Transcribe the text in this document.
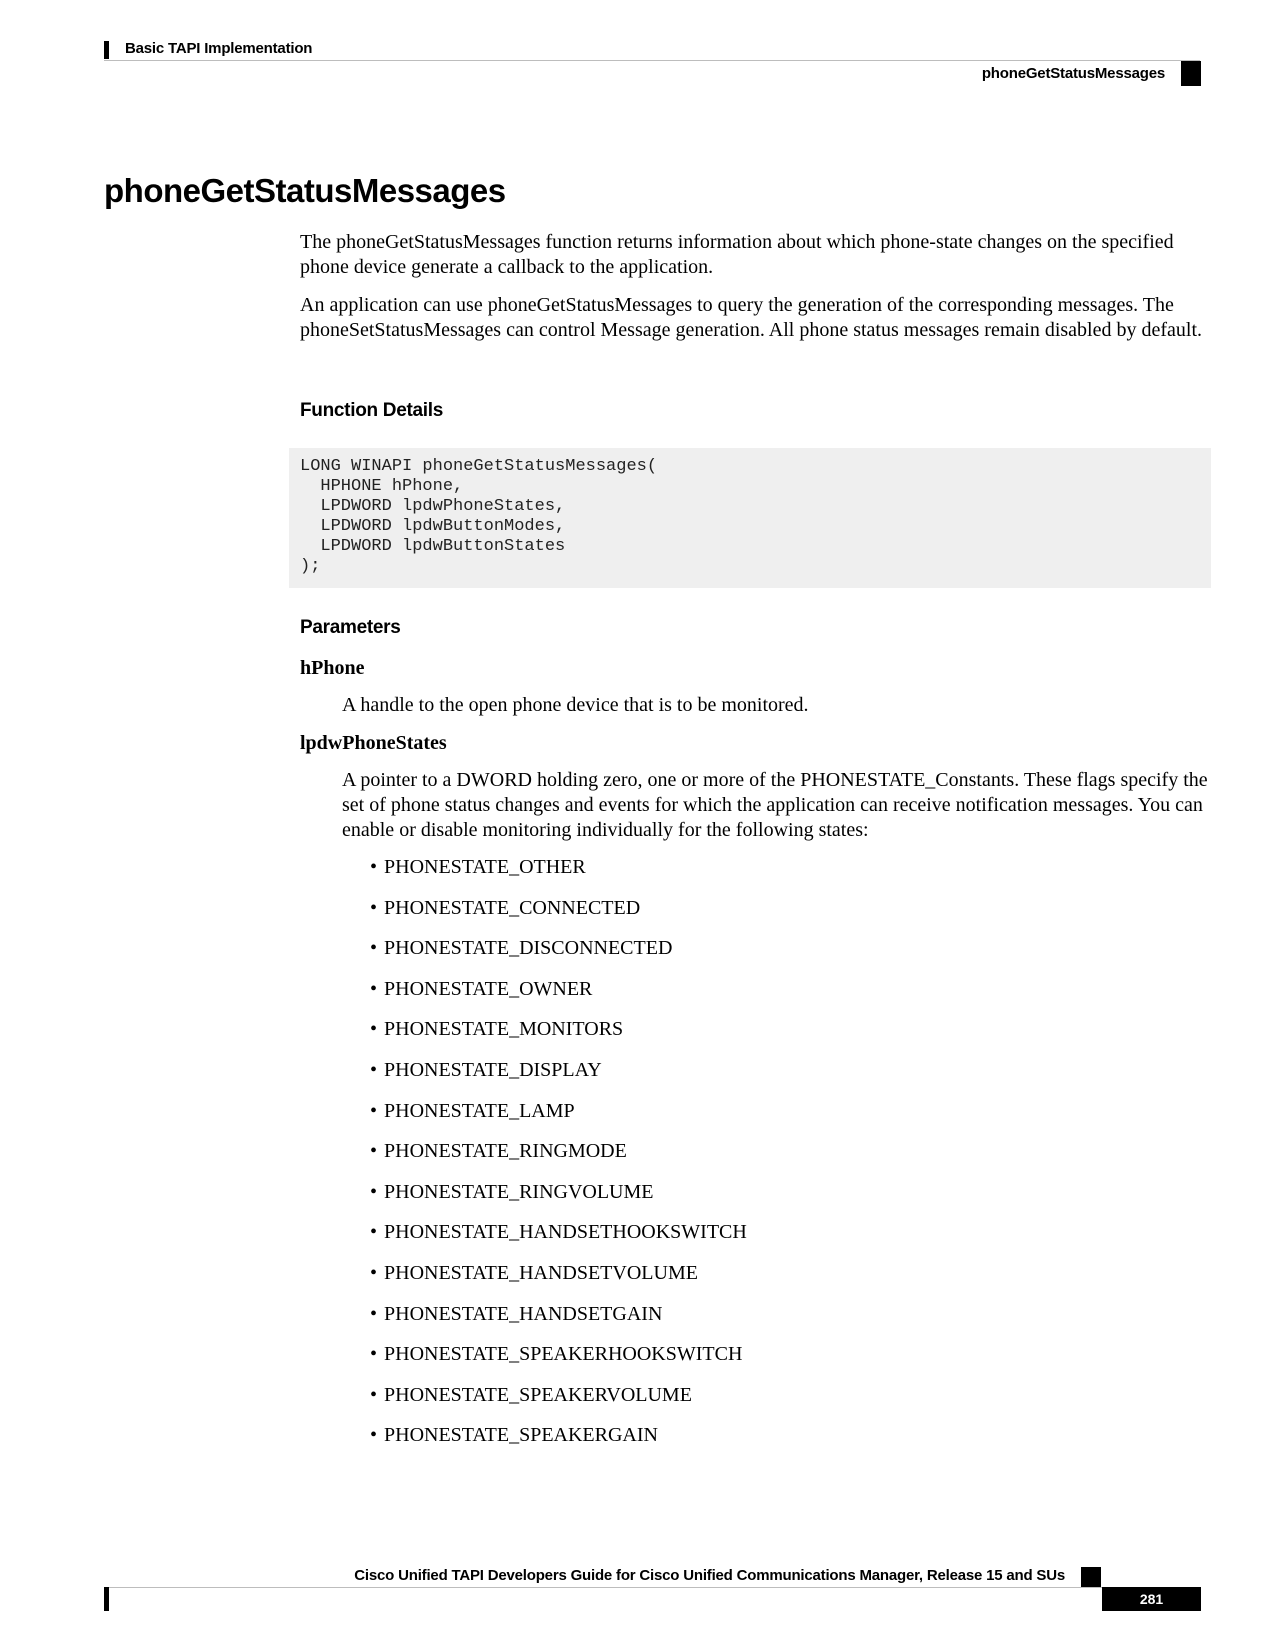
Basic TAPI Implementation
phoneGetStatusMessages
phoneGetStatusMessages

The phoneGetStatusMessages function returns information about which phone-state changes on the specified phone device generate a callback to the application.

An application can use phoneGetStatusMessages to query the generation of the corresponding messages. The phoneSetStatusMessages can control Message generation. All phone status messages remain disabled by default.

Function Details
LONG WINAPI phoneGetStatusMessages(
HPHONE hPhone,
LPDWORD lpdwPhoneStates,
LPDWORD lpdwButtonModes,
LPDWORD lpdwButtonStates
);
Parameters
hPhone

A handle to the open phone device that is to be monitored.

lpdwPhoneStates

A pointer to a DWORD holding zero, one or more of the PHONESTATE_Constants. These flags specify the set of phone status changes and events for which the application can receive notification messages. You can enable or disable monitoring individually for the following states:

• PHONESTATE_OTHER
• PHONESTATE_CONNECTED
• PHONESTATE_DISCONNECTED
• PHONESTATE_OWNER
• PHONESTATE_MONITORS
• PHONESTATE_DISPLAY
• PHONESTATE_LAMP
• PHONESTATE_RINGMODE
• PHONESTATE_RINGVOLUME
• PHONESTATE_HANDSETHOOKSWITCH
• PHONESTATE_HANDSETVOLUME
• PHONESTATE_HANDSETGAIN
• PHONESTATE_SPEAKERHOOKSWITCH
• PHONESTATE_SPEAKERVOLUME
• PHONESTATE_SPEAKERGAIN
Cisco Unified TAPI Developers Guide for Cisco Unified Communications Manager, Release 15 and SUs
281
